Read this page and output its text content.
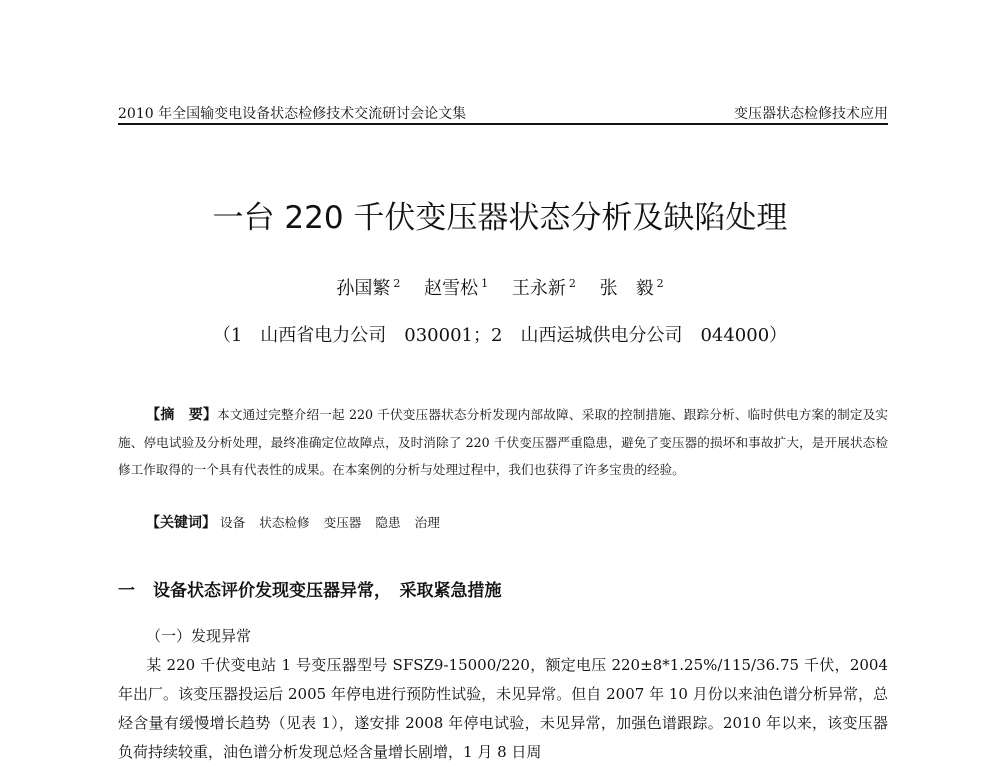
2010 年全国输变电设备状态检修技术交流研讨会论文集	变压器状态检修技术应用
一台 220 千伏变压器状态分析及缺陷处理
孙国繁 $^2$ 赵雪松 $^1$ 王永新 $^2$ 张　毅 $^2$
（1　山西省电力公司　030001；2　山西运城供电分公司　044000）
【摘　要】本文通过完整介绍一起 220 千伏变压器状态分析发现内部故障、采取的控制措施、跟踪分析、临时供电方案的制定及实施、停电试验及分析处理，最终准确定位故障点，及时消除了 220 千伏变压器严重隐患，避免了变压器的损坏和事故扩大，是开展状态检修工作取得的一个具有代表性的成果。在本案例的分析与处理过程中，我们也获得了许多宝贵的经验。
【关键词】 设备 状态检修 变压器 隐患 治理
一 设备状态评价发现变压器异常，　采取紧急措施
（一）发现异常
某 220 千伏变电站 1 号变压器型号 SFSZ9-15000/220，额定电压 220±8*1.25%/115/36.75 千伏，2004 年出厂。该变压器投运后 2005 年停电进行预防性试验，未见异常。但自 2007 年 10 月份以来油色谱分析异常，总烃含量有缓慢增长趋势（见表 1），遂安排 2008 年停电试验，未见异常，加强色谱跟踪。2010 年以来，该变压器负荷持续较重，油色谱分析发现总烃含量增长剧增，1 月 8 日周
